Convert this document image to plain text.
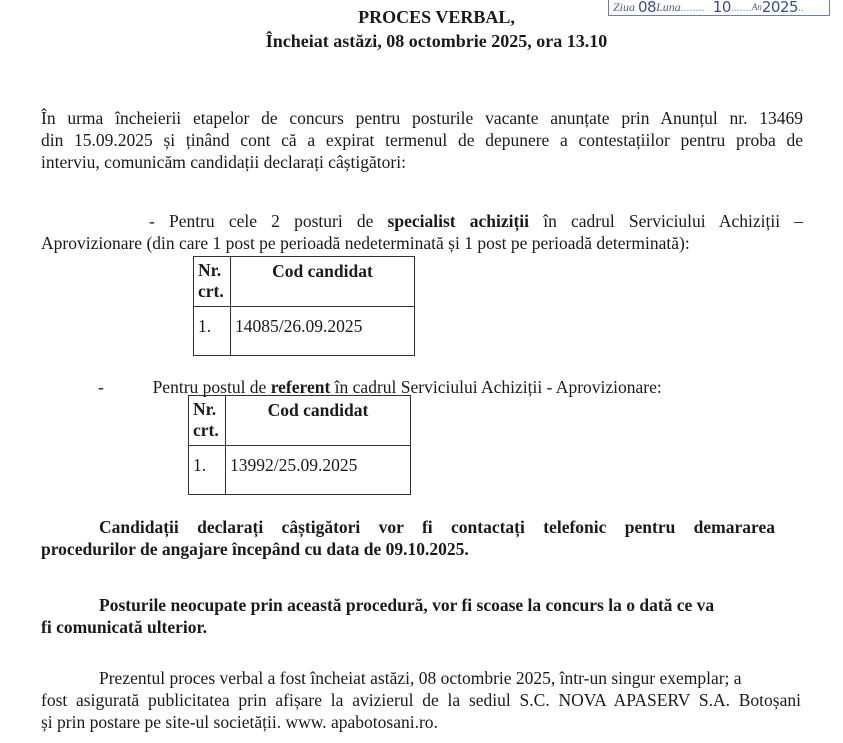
Ziua 08 Luna ........ 10 ....... An 2025 ..
PROCES VERBAL,
Încheiat astăzi, 08 octombrie 2025, ora 13.10
În urma încheierii etapelor de concurs pentru posturile vacante anunțate prin Anunțul nr. 13469
din 15.09.2025 și ținând cont că a expirat termenul de depunere a contestațiilor pentru proba de
interviu, comunicăm candidații declarați câștigători:
- Pentru cele 2 posturi de specialist achiziții în cadrul Serviciului Achiziții –
Aprovizionare (din care 1 post pe perioadă nedeterminată și 1 post pe perioadă determinată):
Nr.
crt.	Cod candidat
1.	14085/26.09.2025
-	Pentru postul de referent în cadrul Serviciului Achiziții - Aprovizionare:
Nr.
crt.	Cod candidat
1.	13992/25.09.2025
Candidații declarați câștigători vor fi contactați telefonic pentru demararea
procedurilor de angajare începând cu data de 09.10.2025.
Posturile neocupate prin această procedură, vor fi scoase la concurs la o dată ce va
fi comunicată ulterior.
Prezentul proces verbal a fost încheiat astăzi, 08 octombrie 2025, într-un singur exemplar; a
fost asigurată publicitatea prin afișare la avizierul de la sediul S.C. NOVA APASERV S.A. Botoșani
și prin postare pe site-ul societății. www. apabotosani.ro.
